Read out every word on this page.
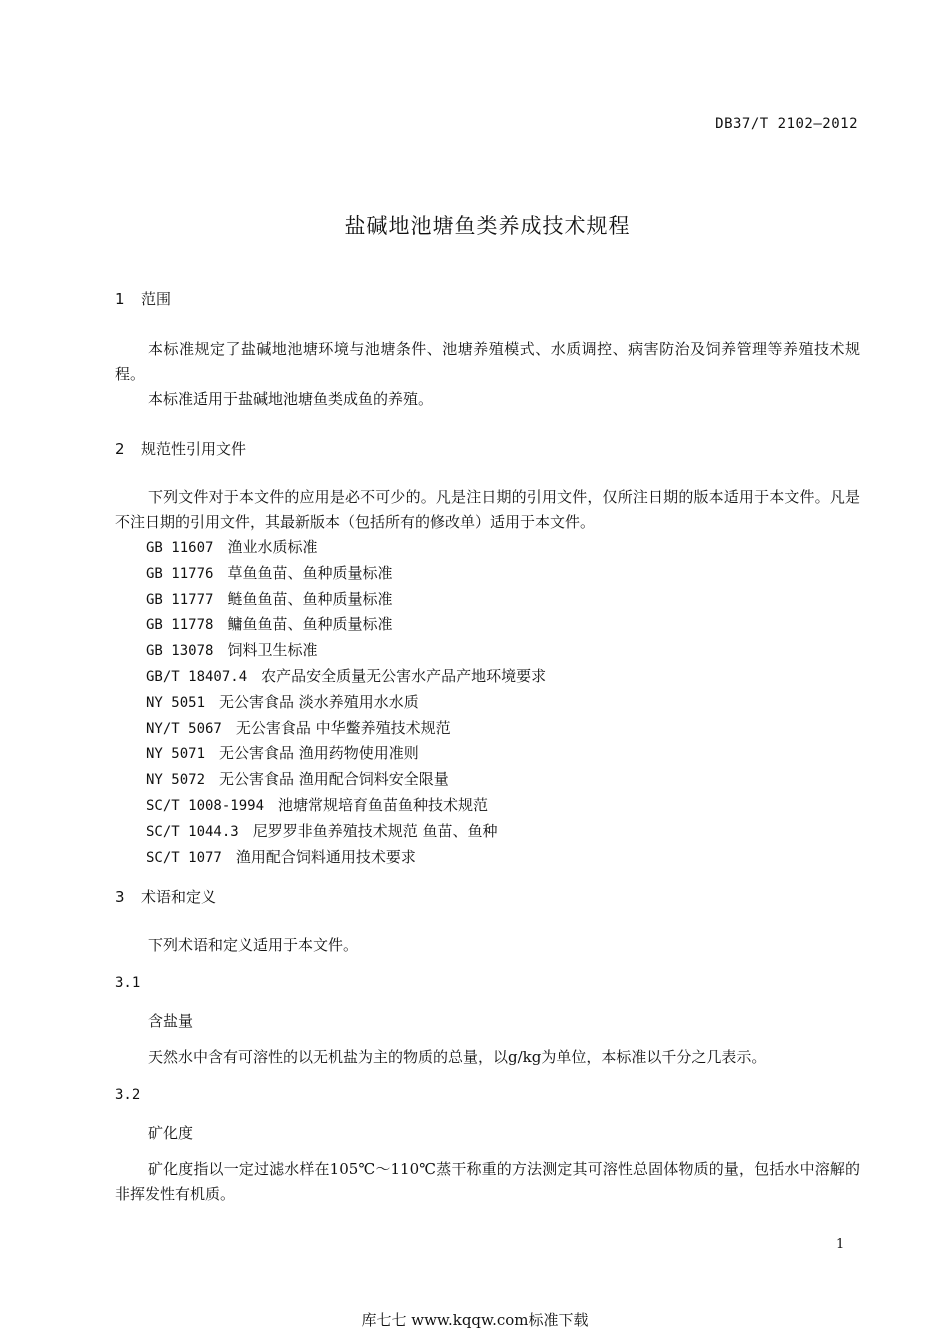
DB37/T 2102—2012
盐碱地池塘鱼类养成技术规程
1 范围
本标准规定了盐碱地池塘环境与池塘条件、池塘养殖模式、水质调控、病害防治及饲养管理等养殖技术规程。
本标准适用于盐碱地池塘鱼类成鱼的养殖。
2 规范性引用文件
下列文件对于本文件的应用是必不可少的。凡是注日期的引用文件，仅所注日期的版本适用于本文件。凡是不注日期的引用文件，其最新版本（包括所有的修改单）适用于本文件。
GB 11607 渔业水质标准
GB 11776 草鱼鱼苗、鱼种质量标准
GB 11777 鲢鱼鱼苗、鱼种质量标准
GB 11778 鳙鱼鱼苗、鱼种质量标准
GB 13078 饲料卫生标准
GB/T 18407.4 农产品安全质量无公害水产品产地环境要求
NY 5051 无公害食品 淡水养殖用水水质
NY/T 5067 无公害食品 中华鳖养殖技术规范
NY 5071 无公害食品 渔用药物使用准则
NY 5072 无公害食品 渔用配合饲料安全限量
SC/T 1008-1994 池塘常规培育鱼苗鱼种技术规范
SC/T 1044.3 尼罗罗非鱼养殖技术规范 鱼苗、鱼种
SC/T 1077 渔用配合饲料通用技术要求
3 术语和定义
下列术语和定义适用于本文件。
3.1
含盐量
天然水中含有可溶性的以无机盐为主的物质的总量，以g/kg为单位，本标准以千分之几表示。
3.2
矿化度
矿化度指以一定过滤水样在105℃～110℃蒸干称重的方法测定其可溶性总固体物质的量，包括水中溶解的非挥发性有机质。
1
库七七 www.kqqw.com标准下载
